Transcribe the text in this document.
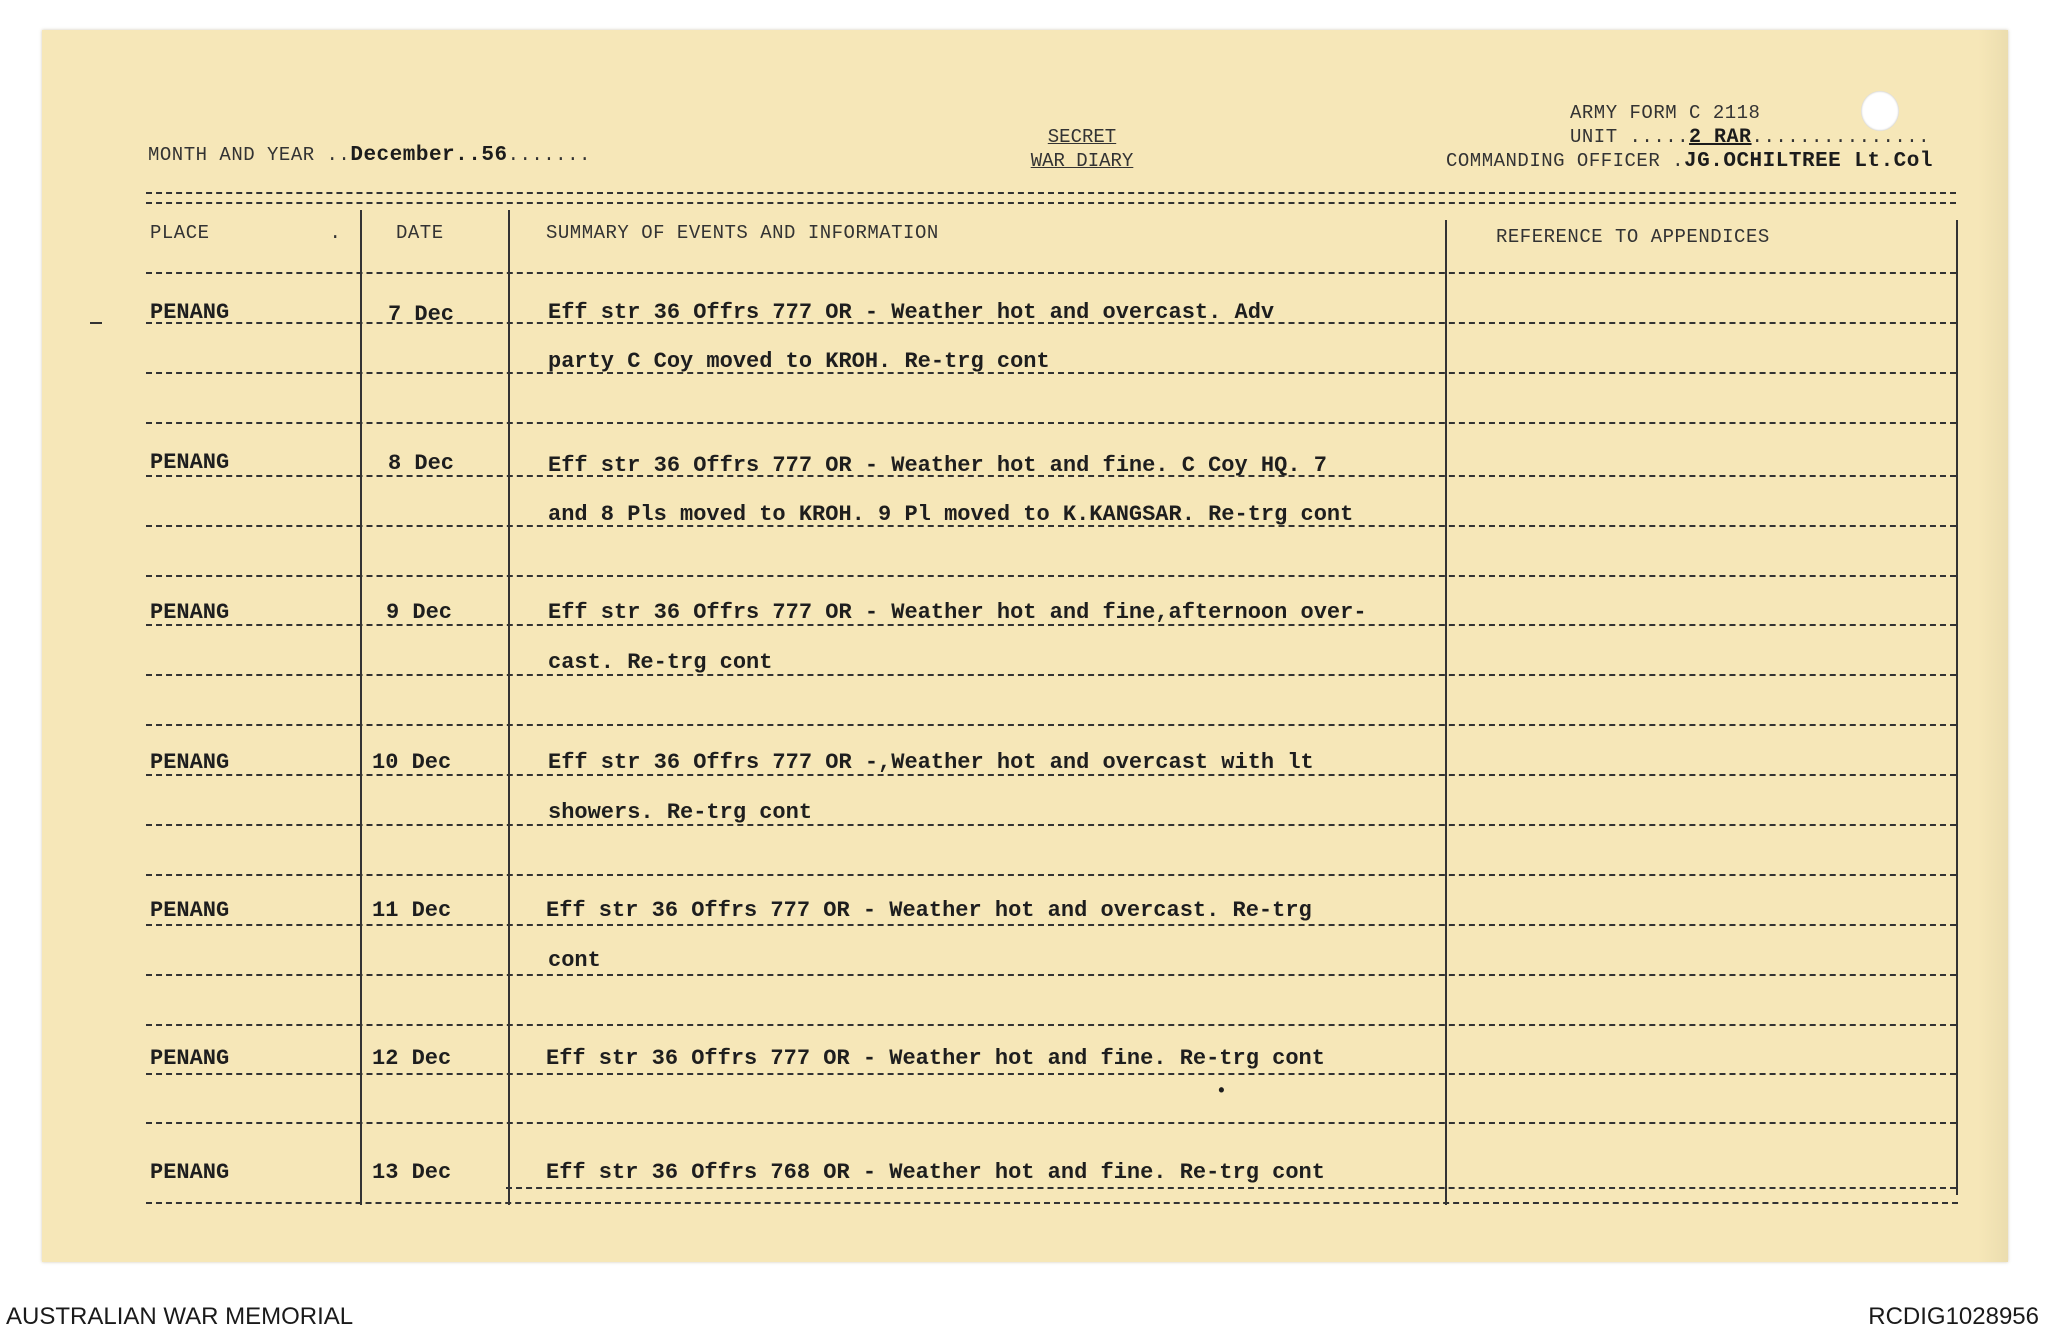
SECRET
WAR DIARY
ARMY FORM C 2118
UNIT .....2 RAR...............
COMMANDING OFFICER .JG.OCHILTREE Lt.Col
MONTH AND YEAR ..December..56.......
PLACE	.	DATE	SUMMARY OF EVENTS AND INFORMATION	REFERENCE TO APPENDICES
PENANG	7 Dec	Eff str 36 Offrs 777 OR - Weather hot and overcast. Adv
party C Coy moved to KROH. Re-trg cont
PENANG	8 Dec	Eff str 36 Offrs 777 OR - Weather hot and fine. C Coy HQ. 7
and 8 Pls moved to KROH. 9 Pl moved to K.KANGSAR. Re-trg cont
PENANG	9 Dec	Eff str 36 Offrs 777 OR - Weather hot and fine,afternoon over-
cast. Re-trg cont
PENANG	10 Dec	Eff str 36 Offrs 777 OR -,Weather hot and overcast with lt
showers. Re-trg cont
PENANG	11 Dec	Eff str 36 Offrs 777 OR - Weather hot and overcast. Re-trg
cont
PENANG	12 Dec	Eff str 36 Offrs 777 OR - Weather hot and fine. Re-trg cont
•
PENANG	13 Dec	Eff str 36 Offrs 768 OR - Weather hot and fine. Re-trg cont
AUSTRALIAN WAR MEMORIAL	RCDIG1028956
